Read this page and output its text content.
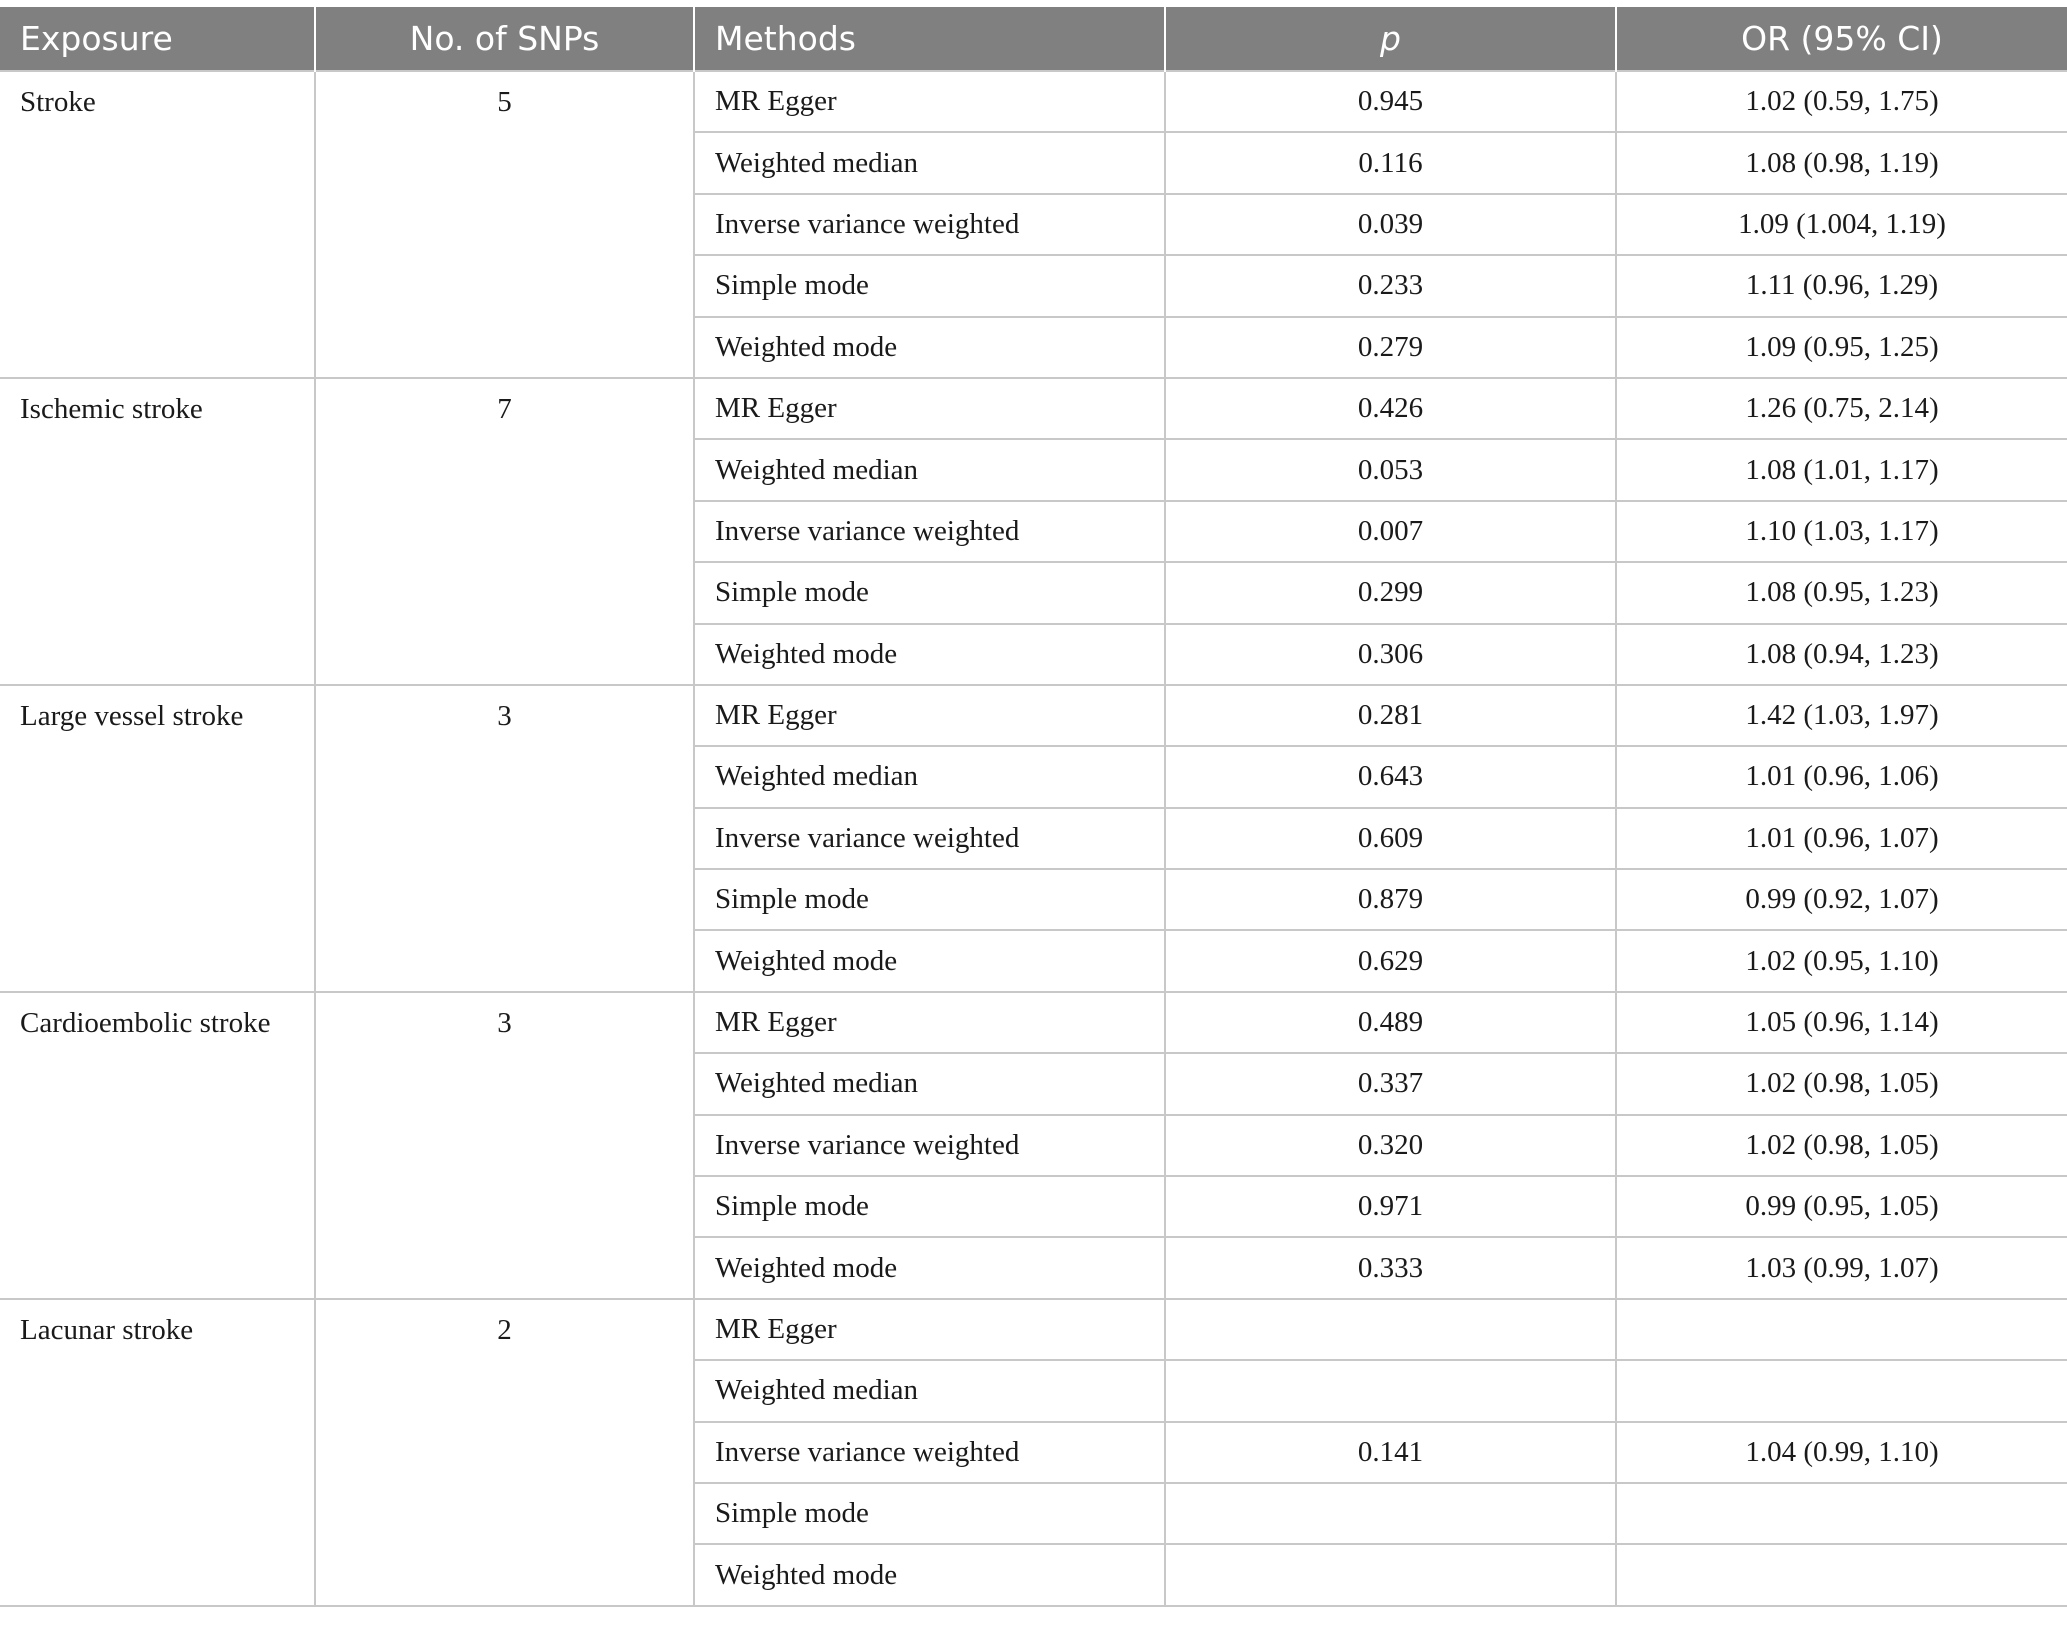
Exposure	No. of SNPs	Methods	p	OR (95% CI)
Stroke	5	MR Egger	0.945	1.02 (0.59, 1.75)
		Weighted median	0.116	1.08 (0.98, 1.19)
		Inverse variance weighted	0.039	1.09 (1.004, 1.19)
		Simple mode	0.233	1.11 (0.96, 1.29)
		Weighted mode	0.279	1.09 (0.95, 1.25)
Ischemic stroke	7	MR Egger	0.426	1.26 (0.75, 2.14)
		Weighted median	0.053	1.08 (1.01, 1.17)
		Inverse variance weighted	0.007	1.10 (1.03, 1.17)
		Simple mode	0.299	1.08 (0.95, 1.23)
		Weighted mode	0.306	1.08 (0.94, 1.23)
Large vessel stroke	3	MR Egger	0.281	1.42 (1.03, 1.97)
		Weighted median	0.643	1.01 (0.96, 1.06)
		Inverse variance weighted	0.609	1.01 (0.96, 1.07)
		Simple mode	0.879	0.99 (0.92, 1.07)
		Weighted mode	0.629	1.02 (0.95, 1.10)
Cardioembolic stroke	3	MR Egger	0.489	1.05 (0.96, 1.14)
		Weighted median	0.337	1.02 (0.98, 1.05)
		Inverse variance weighted	0.320	1.02 (0.98, 1.05)
		Simple mode	0.971	0.99 (0.95, 1.05)
		Weighted mode	0.333	1.03 (0.99, 1.07)
Lacunar stroke	2	MR Egger		
		Weighted median		
		Inverse variance weighted	0.141	1.04 (0.99, 1.10)
		Simple mode		
		Weighted mode		
